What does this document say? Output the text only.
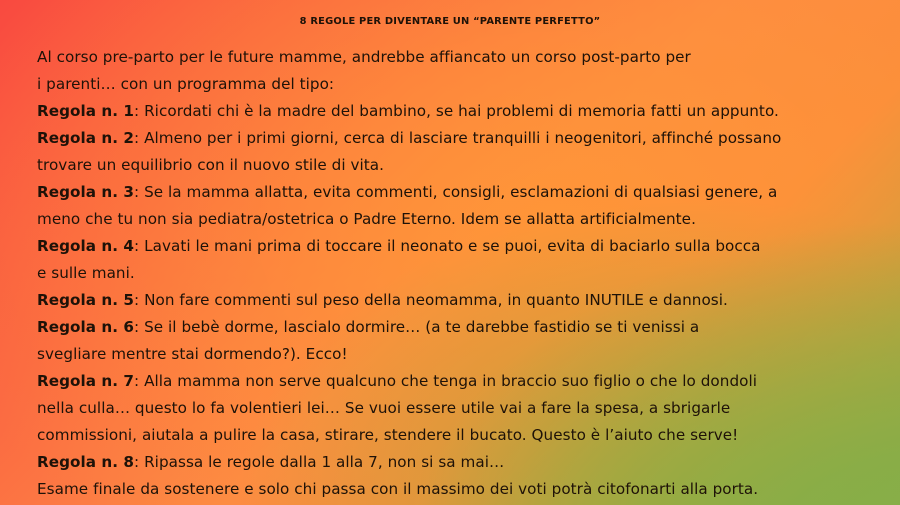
8 REGOLE PER DIVENTARE UN “PARENTE PERFETTO”
Al corso pre-parto per le future mamme, andrebbe affiancato un corso post-parto per
i parenti… con un programma del tipo:
Regola n. 1: Ricordati chi è la madre del bambino, se hai problemi di memoria fatti un appunto.
Regola n. 2: Almeno per i primi giorni, cerca di lasciare tranquilli i neogenitori, affinché possano
trovare un equilibrio con il nuovo stile di vita.
Regola n. 3: Se la mamma allatta, evita commenti, consigli, esclamazioni di qualsiasi genere, a
meno che tu non sia pediatra/ostetrica o Padre Eterno. Idem se allatta artificialmente.
Regola n. 4: Lavati le mani prima di toccare il neonato e se puoi, evita di baciarlo sulla bocca
e sulle mani.
Regola n. 5: Non fare commenti sul peso della neomamma, in quanto INUTILE e dannosi.
Regola n. 6: Se il bebè dorme, lascialo dormire… (a te darebbe fastidio se ti venissi a
svegliare mentre stai dormendo?). Ecco!
Regola n. 7: Alla mamma non serve qualcuno che tenga in braccio suo figlio o che lo dondoli
nella culla… questo lo fa volentieri lei… Se vuoi essere utile vai a fare la spesa, a sbrigarle
commissioni, aiutala a pulire la casa, stirare, stendere il bucato. Questo è l’aiuto che serve!
Regola n. 8: Ripassa le regole dalla 1 alla 7, non si sa mai…
Esame finale da sostenere e solo chi passa con il massimo dei voti potrà citofonarti alla porta.
